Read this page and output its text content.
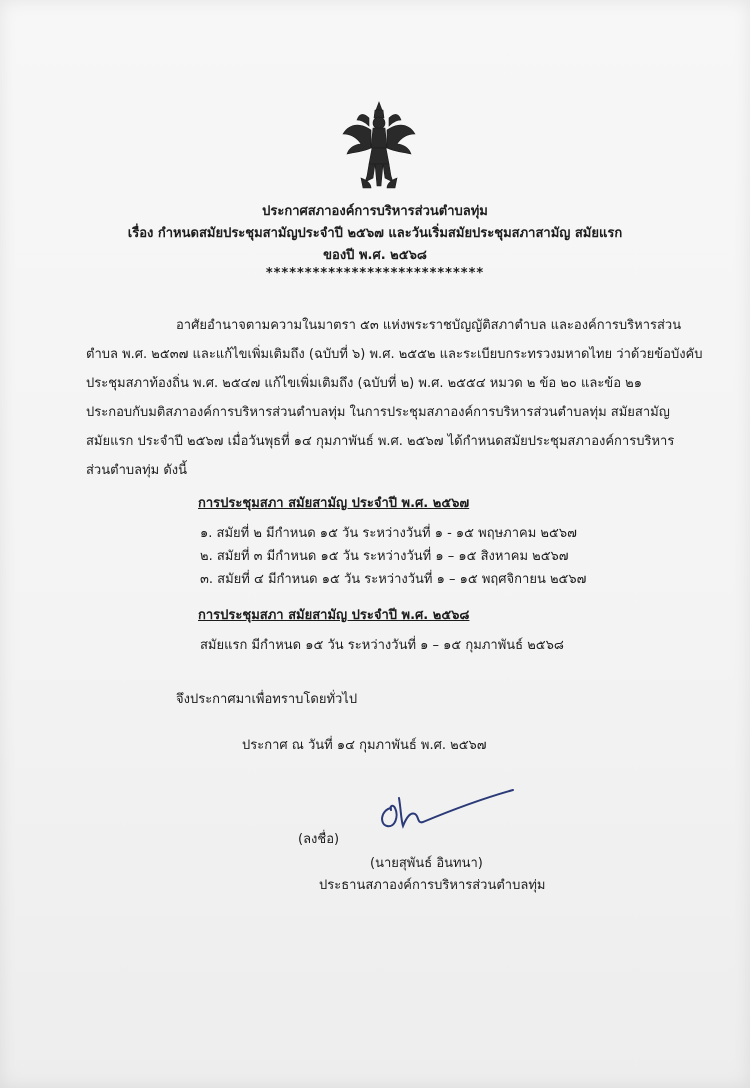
ประกาศสภาองค์การบริหารส่วนตำบลทุ่ม
เรื่อง กำหนดสมัยประชุมสามัญประจำปี ๒๕๖๗ และวันเริ่มสมัยประชุมสภาสามัญ สมัยแรก
ของปี พ.ศ. ๒๕๖๘
****************************
อาศัยอำนาจตามความในมาตรา ๕๓ แห่งพระราชบัญญัติสภาตำบล และองค์การบริหารส่วน
ตำบล พ.ศ. ๒๕๓๗ และแก้ไขเพิ่มเติมถึง (ฉบับที่ ๖) พ.ศ. ๒๕๕๒ และระเบียบกระทรวงมหาดไทย ว่าด้วยข้อบังคับ
ประชุมสภาท้องถิ่น พ.ศ. ๒๕๔๗ แก้ไขเพิ่มเติมถึง (ฉบับที่ ๒) พ.ศ. ๒๕๕๔ หมวด ๒ ข้อ ๒๐ และข้อ ๒๑
ประกอบกับมติสภาองค์การบริหารส่วนตำบลทุ่ม ในการประชุมสภาองค์การบริหารส่วนตำบลทุ่ม สมัยสามัญ
สมัยแรก ประจำปี ๒๕๖๗ เมื่อวันพุธที่ ๑๔ กุมภาพันธ์ พ.ศ. ๒๕๖๗ ได้กำหนดสมัยประชุมสภาองค์การบริหาร
ส่วนตำบลทุ่ม ดังนี้
การประชุมสภา สมัยสามัญ ประจำปี พ.ศ. ๒๕๖๗
๑. สมัยที่ ๒ มีกำหนด ๑๕ วัน ระหว่างวันที่ ๑ - ๑๕ พฤษภาคม ๒๕๖๗
๒. สมัยที่ ๓ มีกำหนด ๑๕ วัน ระหว่างวันที่ ๑ – ๑๕ สิงหาคม ๒๕๖๗
๓. สมัยที่ ๔ มีกำหนด ๑๕ วัน ระหว่างวันที่ ๑ – ๑๕ พฤศจิกายน ๒๕๖๗
การประชุมสภา สมัยสามัญ ประจำปี พ.ศ. ๒๕๖๘
สมัยแรก มีกำหนด ๑๕ วัน ระหว่างวันที่ ๑ – ๑๕ กุมภาพันธ์ ๒๕๖๘
จึงประกาศมาเพื่อทราบโดยทั่วไป
ประกาศ ณ วันที่ ๑๔ กุมภาพันธ์ พ.ศ. ๒๕๖๗
(ลงชื่อ)
(นายสุพันธ์ อินทนา)
ประธานสภาองค์การบริหารส่วนตำบลทุ่ม
